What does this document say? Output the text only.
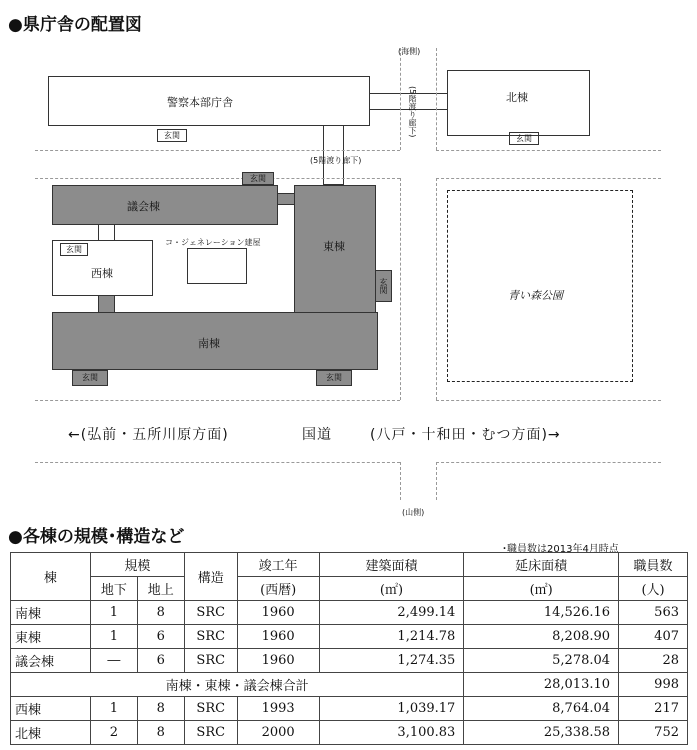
●県庁舎の配置図
(海側)
警察本部庁舎
玄関	(5階渡り廊下)	北棟
玄関
(5階渡り廊下)
玄関
議会棟
東棟
玄関
西棟
玄関
コ・ジェネレーション建屋
南棟
玄関	玄関
青い森公園
←(弘前・五所川原方面)	国道	(八戸・十和田・むつ方面)→
(山側)
●各棟の規模･構造など
･職員数は2013年4月時点
棟	規模		構造	竣工年	建築面積	延床面積	職員数
	地下	地上		(西暦)	(㎡)	(㎡)	(人)
南棟	1	8	SRC	1960	2,499.14	14,526.16	563
東棟	1	6	SRC	1960	1,214.78	8,208.90	407
議会棟	―	6	SRC	1960	1,274.35	5,278.04	28
南棟・東棟・議会棟合計						28,013.10	998
西棟	1	8	SRC	1993	1,039.17	8,764.04	217
北棟	2	8	SRC	2000	3,100.83	25,338.58	752
